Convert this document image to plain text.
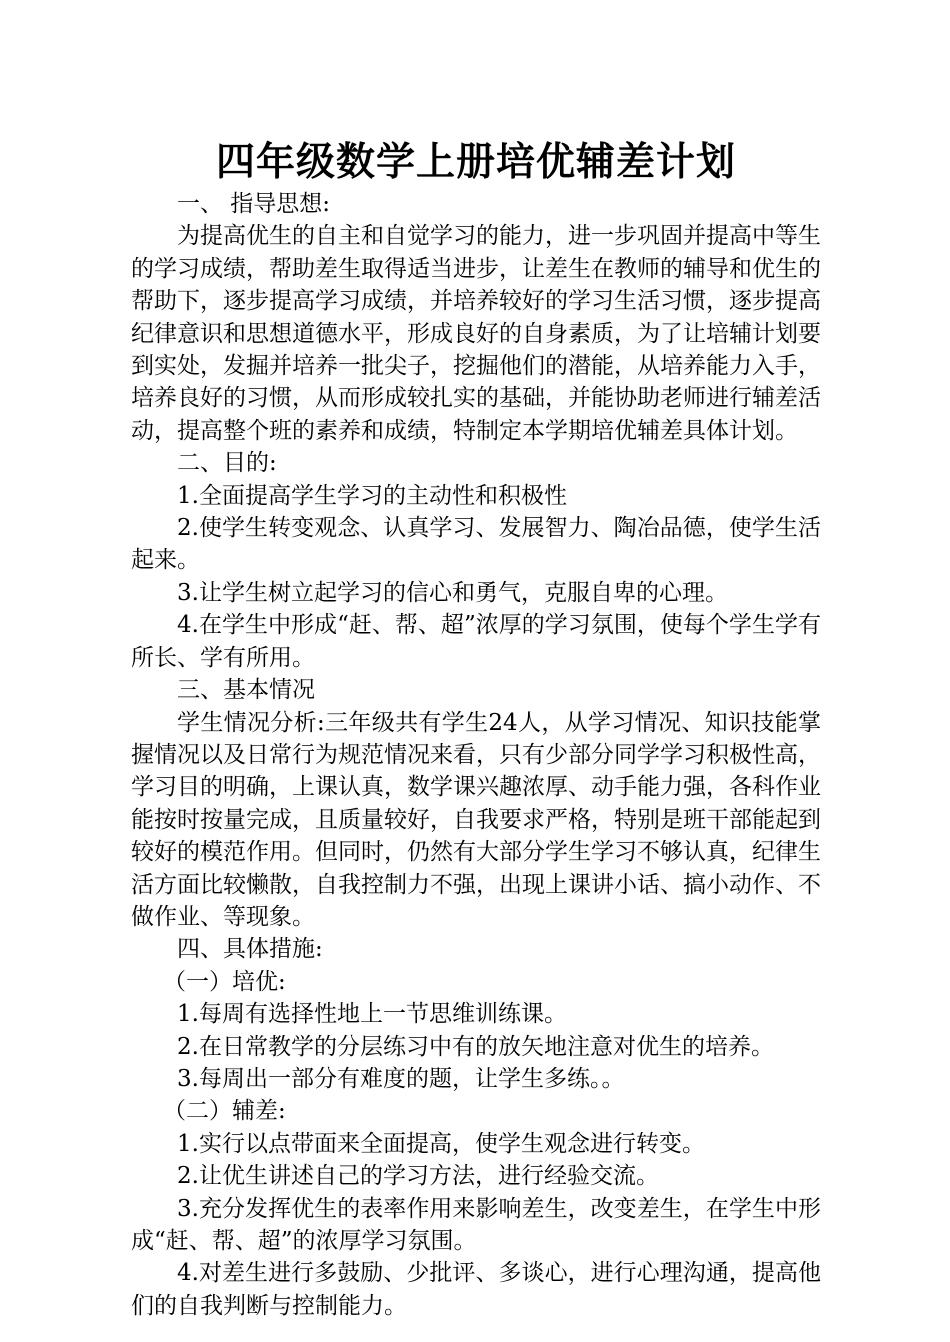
四年级数学上册培优辅差计划

一、 指导思想:

为提高优生的自主和自觉学习的能力，进一步巩固并提高中等生的学习成绩，帮助差生取得适当进步，让差生在教师的辅导和优生的帮助下，逐步提高学习成绩，并培养较好的学习生活习惯，逐步提高纪律意识和思想道德水平，形成良好的自身素质，为了让培辅计划要到实处，发掘并培养一批尖子，挖掘他们的潜能，从培养能力入手，培养良好的习惯，从而形成较扎实的基础，并能协助老师进行辅差活动，提高整个班的素养和成绩，特制定本学期培优辅差具体计划。

二、目的:

1.全面提高学生学习的主动性和积极性

2.使学生转变观念、认真学习、发展智力、陶冶品德，使学生活起来。

3.让学生树立起学习的信心和勇气，克服自卑的心理。

4.在学生中形成“赶、帮、超”浓厚的学习氛围，使每个学生学有所长、学有所用。

三、基本情况

学生情况分析:三年级共有学生24人，从学习情况、知识技能掌握情况以及日常行为规范情况来看，只有少部分同学学习积极性高，学习目的明确，上课认真，数学课兴趣浓厚、动手能力强，各科作业能按时按量完成，且质量较好，自我要求严格，特别是班干部能起到较好的模范作用。但同时，仍然有大部分学生学习不够认真，纪律生活方面比较懒散，自我控制力不强，出现上课讲小话、搞小动作、不做作业、等现象。

四、具体措施:

（一）培优:

1.每周有选择性地上一节思维训练课。

2.在日常教学的分层练习中有的放矢地注意对优生的培养。

3.每周出一部分有难度的题，让学生多练。。

（二）辅差:

1.实行以点带面来全面提高，使学生观念进行转变。

2.让优生讲述自己的学习方法，进行经验交流。

3.充分发挥优生的表率作用来影响差生，改变差生，在学生中形成“赶、帮、超”的浓厚学习氛围。

4.对差生进行多鼓励、少批评、多谈心，进行心理沟通，提高他们的自我判断与控制能力。
